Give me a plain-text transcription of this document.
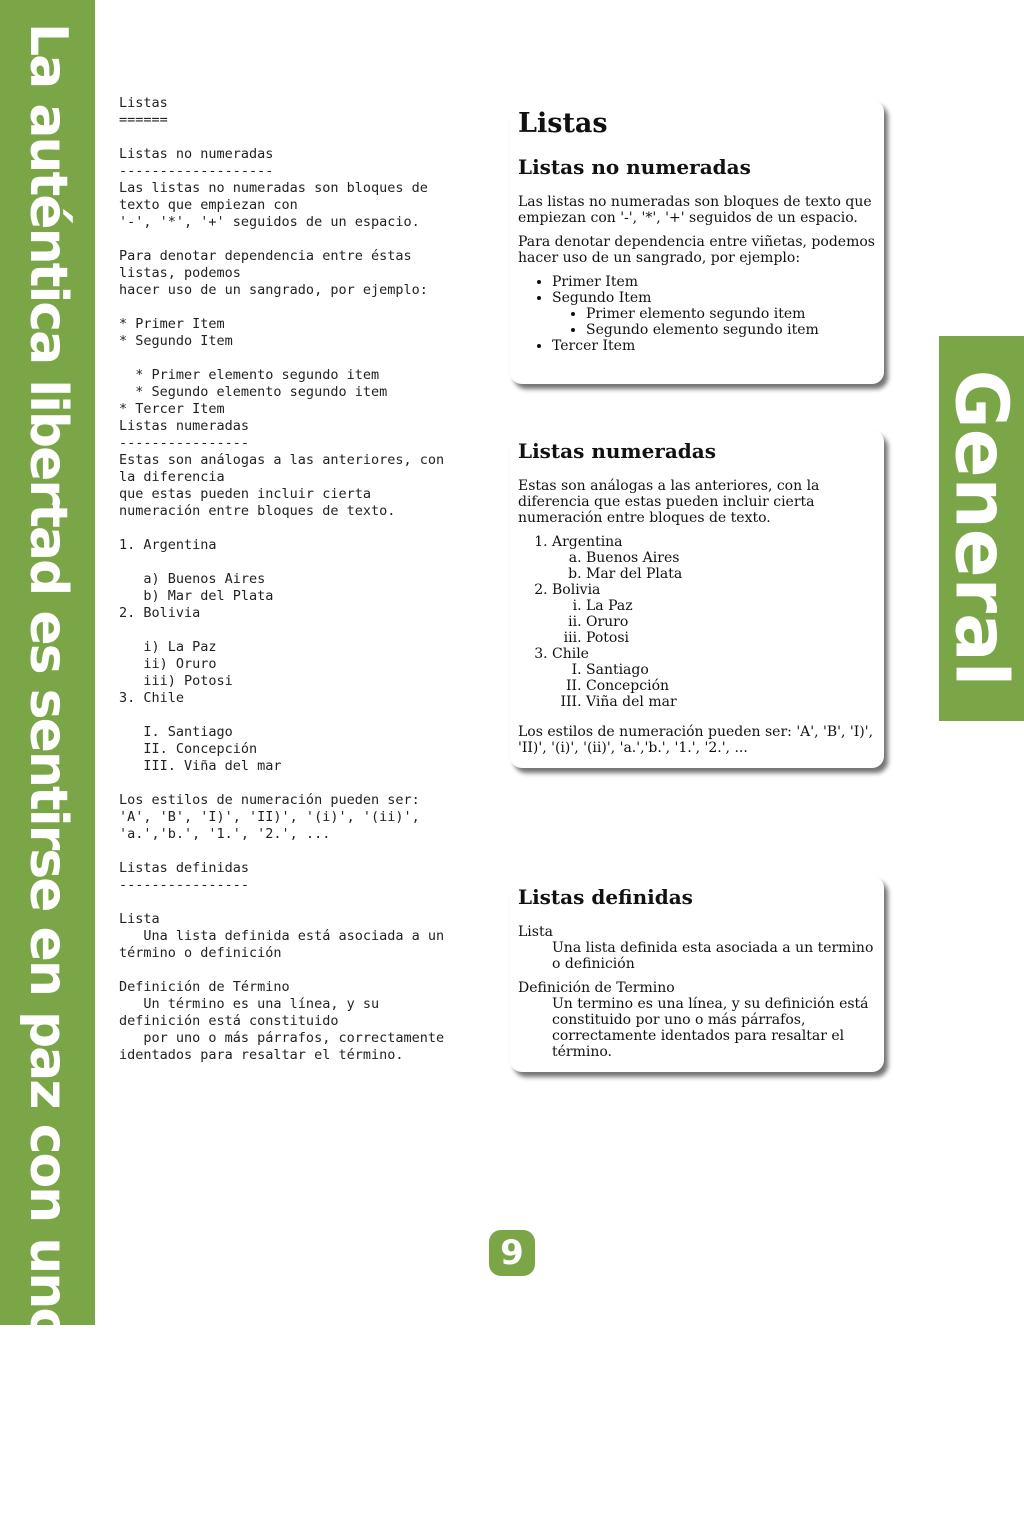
La auténtica libertad es sentirse en paz con uno mismo	General
Listas
======

Listas no numeradas
-------------------
Las listas no numeradas son bloques de
texto que empiezan con
'-', '*', '+' seguidos de un espacio.

Para denotar dependencia entre éstas
listas, podemos
hacer uso de un sangrado, por ejemplo:

* Primer Item
* Segundo Item

* Primer elemento segundo item
* Segundo elemento segundo item
* Tercer Item
Listas numeradas
----------------
Estas son análogas a las anteriores, con
la diferencia
que estas pueden incluir cierta
numeración entre bloques de texto.

1. Argentina

a) Buenos Aires
b) Mar del Plata
2. Bolivia

i) La Paz
ii) Oruro
iii) Potosi
3. Chile

I. Santiago
II. Concepción
III. Viña del mar

Los estilos de numeración pueden ser:
'A', 'B', 'I)', 'II)', '(i)', '(ii)',
'a.','b.', '1.', '2.', ...

Listas definidas
----------------

Lista
Una lista definida está asociada a un
término o definición

Definición de Término
Un término es una línea, y su
definición está constituido
por uno o más párrafos, correctamente
identados para resaltar el término.
Listas
Listas no numeradas

Las listas no numeradas son bloques de texto que empiezan con '-', '*', '+' seguidos de un espacio.

Para denotar dependencia entre viñetas, podemos hacer uso de un sangrado, por ejemplo:

• Primer Item
• Segundo Item
• Primer elemento segundo item
• Segundo elemento segundo item
• Tercer Item
Listas numeradas

Estas son análogas a las anteriores, con la diferencia que estas pueden incluir cierta numeración entre bloques de texto.

1. Argentina
a. Buenos Aires
b. Mar del Plata
2. Bolivia
i. La Paz
ii. Oruro
iii. Potosi
3. Chile
I. Santiago
II. Concepción
III. Viña del mar

Los estilos de numeración pueden ser: 'A', 'B', 'I)', 'II)', '(i)', '(ii)', 'a.','b.', '1.', '2.', ...

Listas definidas
Lista
Una lista definida esta asociada a un termino o definición
Definición de Termino
Un termino es una línea, y su definición está constituido por uno o más párrafos, correctamente identados para resaltar el término.
9
